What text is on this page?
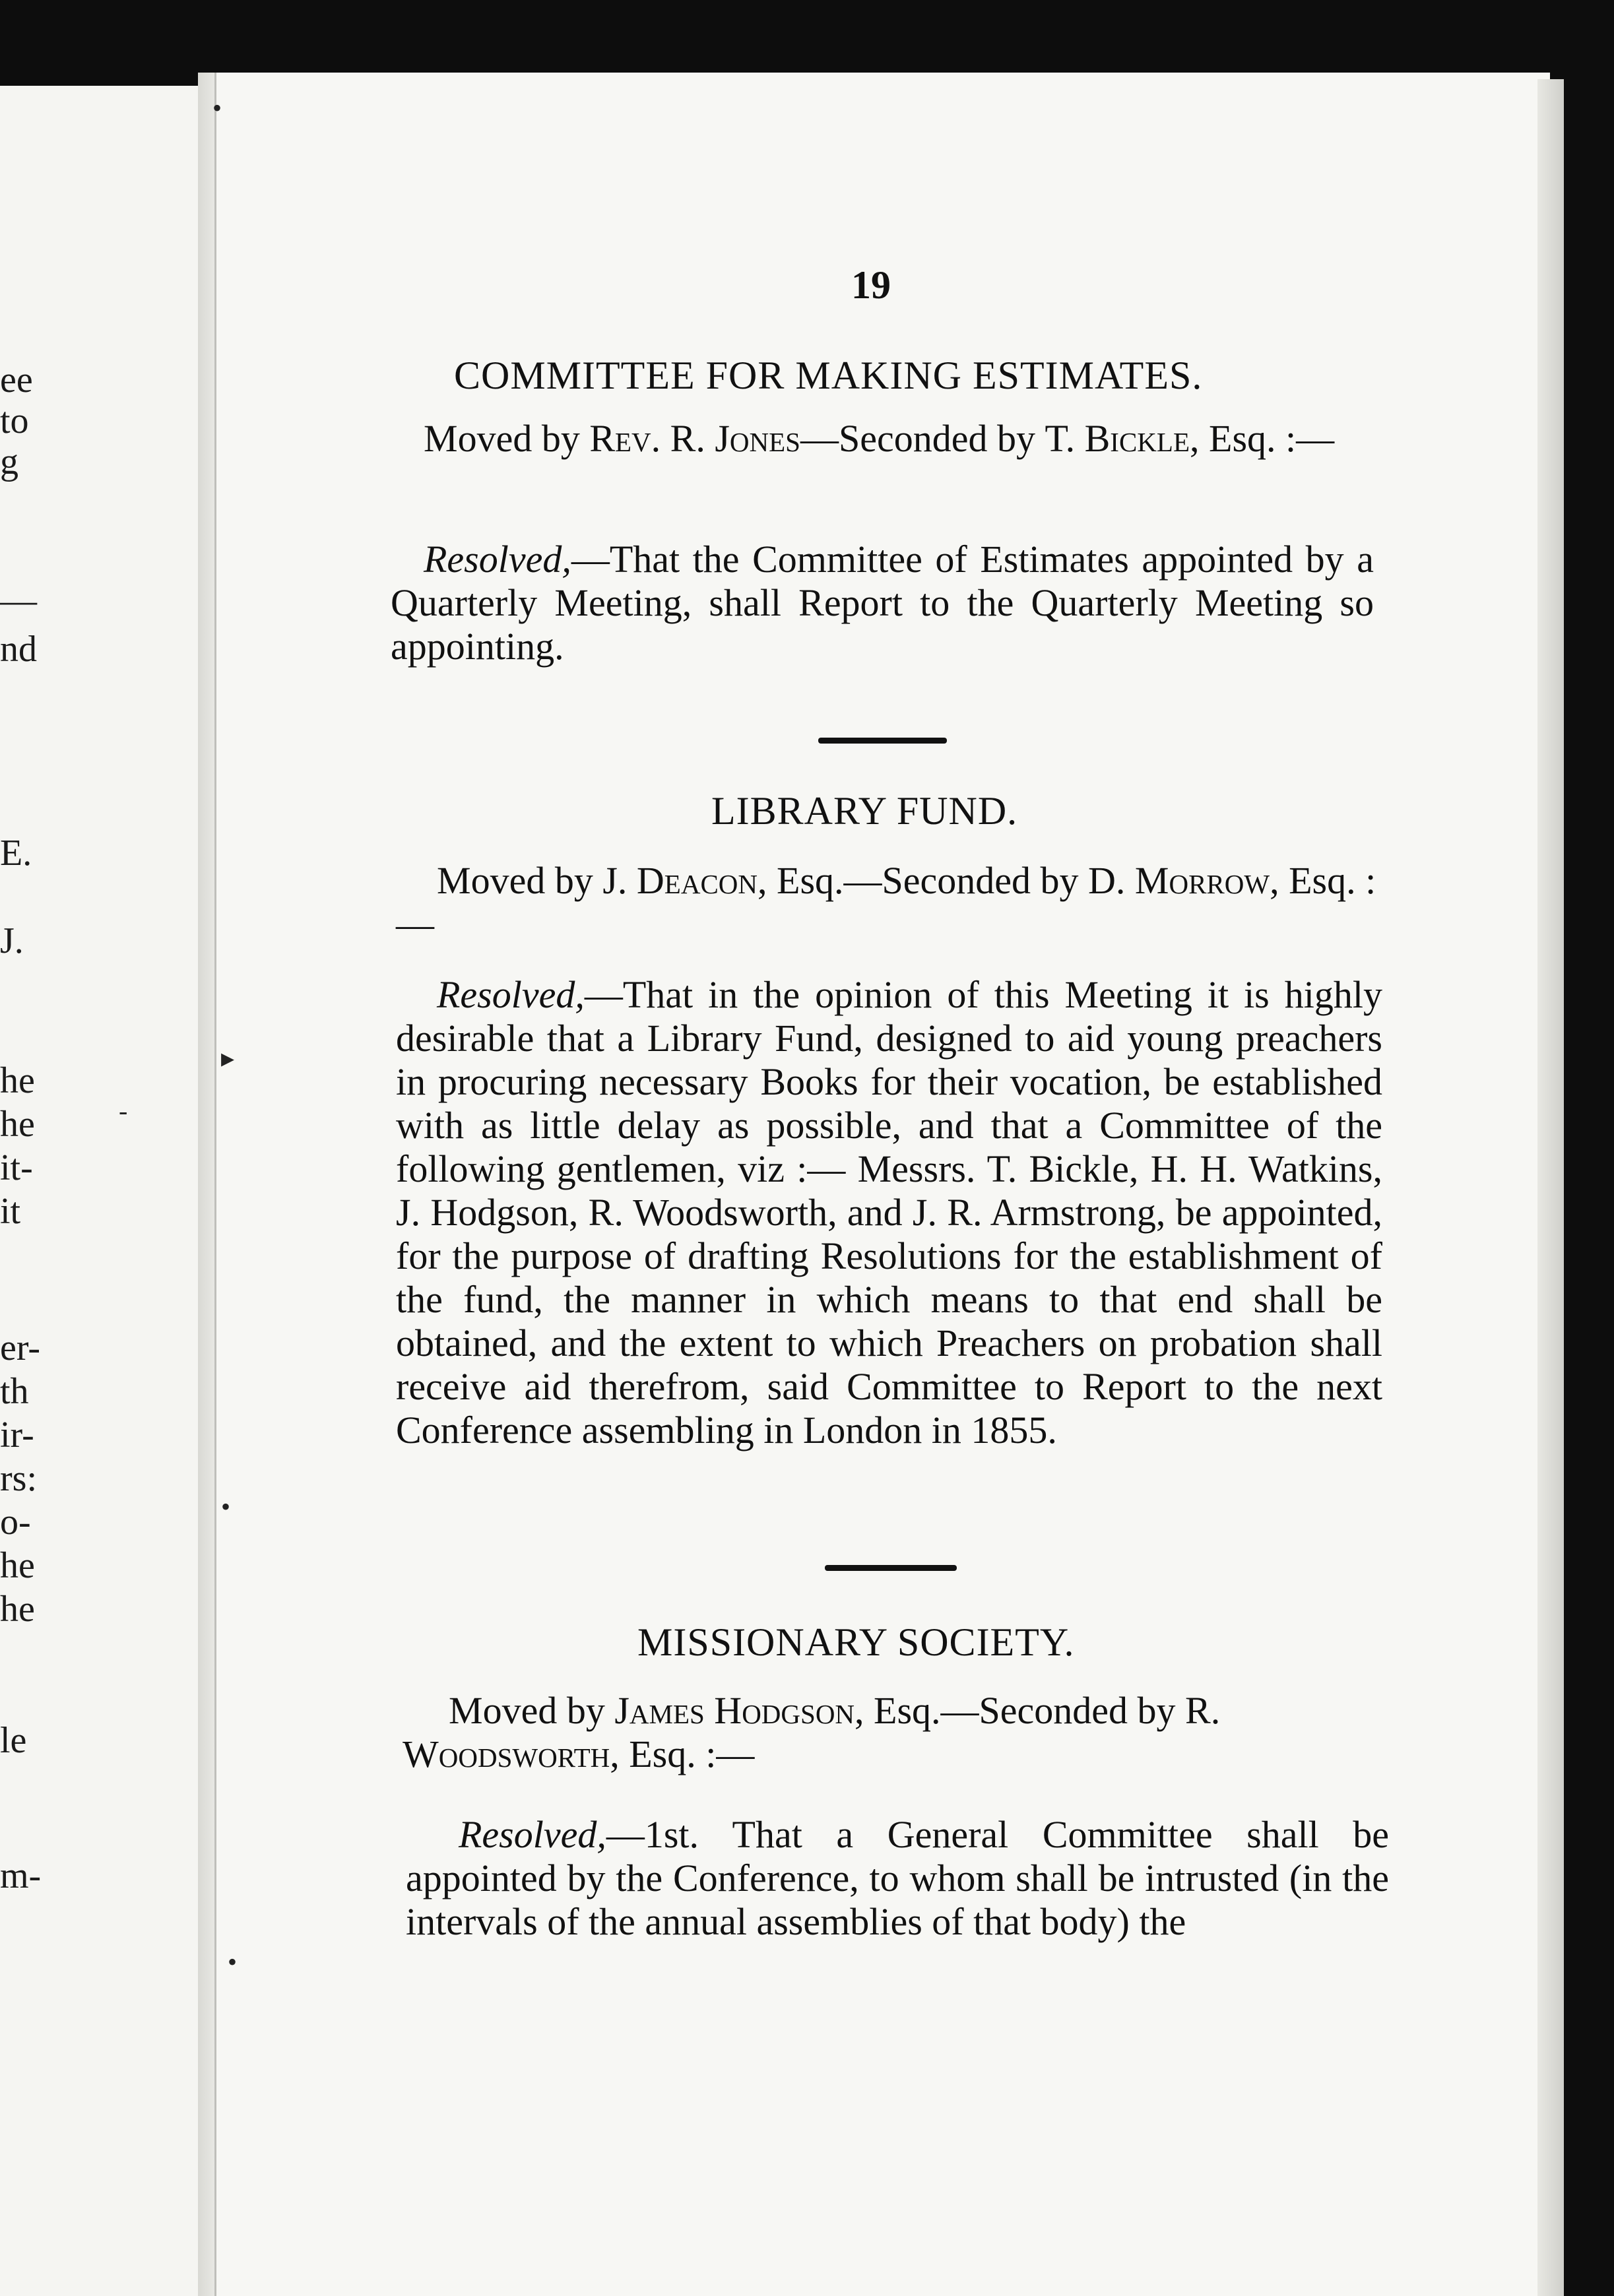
ee
to
g
—
nd
E.
J.
he
he
it-
it
er-
th
ir-
rs:
o-
he
he
le
m-
•
▸
-
•
•
19
COMMITTEE FOR MAKING ESTIMATES.

Moved by Rev. R. Jones—Seconded by T. Bickle, Esq. :—

Resolved,—That the Committee of Estimates appointed by a Quarterly Meeting, shall Report to the Quarterly Meeting so appointing.

LIBRARY FUND.

Moved by J. Deacon, Esq.—Seconded by D. Morrow, Esq. :—

Resolved,—That in the opinion of this Meeting it is highly desirable that a Library Fund, designed to aid young preachers in procuring necessary Books for their vocation, be established with as little delay as possible, and that a Committee of the following gentlemen, viz :— Messrs. T. Bickle, H. H. Watkins, J. Hodgson, R. Woodsworth, and J. R. Armstrong, be appointed, for the purpose of drafting Resolutions for the establishment of the fund, the manner in which means to that end shall be obtained, and the extent to which Preachers on probation shall receive aid therefrom, said Committee to Report to the next Conference assembling in London in 1855.

MISSIONARY SOCIETY.

Moved by James Hodgson, Esq.—Seconded by R. Woodsworth, Esq. :—

Resolved,—1st. That a General Committee shall be appointed by the Conference, to whom shall be intrusted (in the intervals of the annual assemblies of that body) the
